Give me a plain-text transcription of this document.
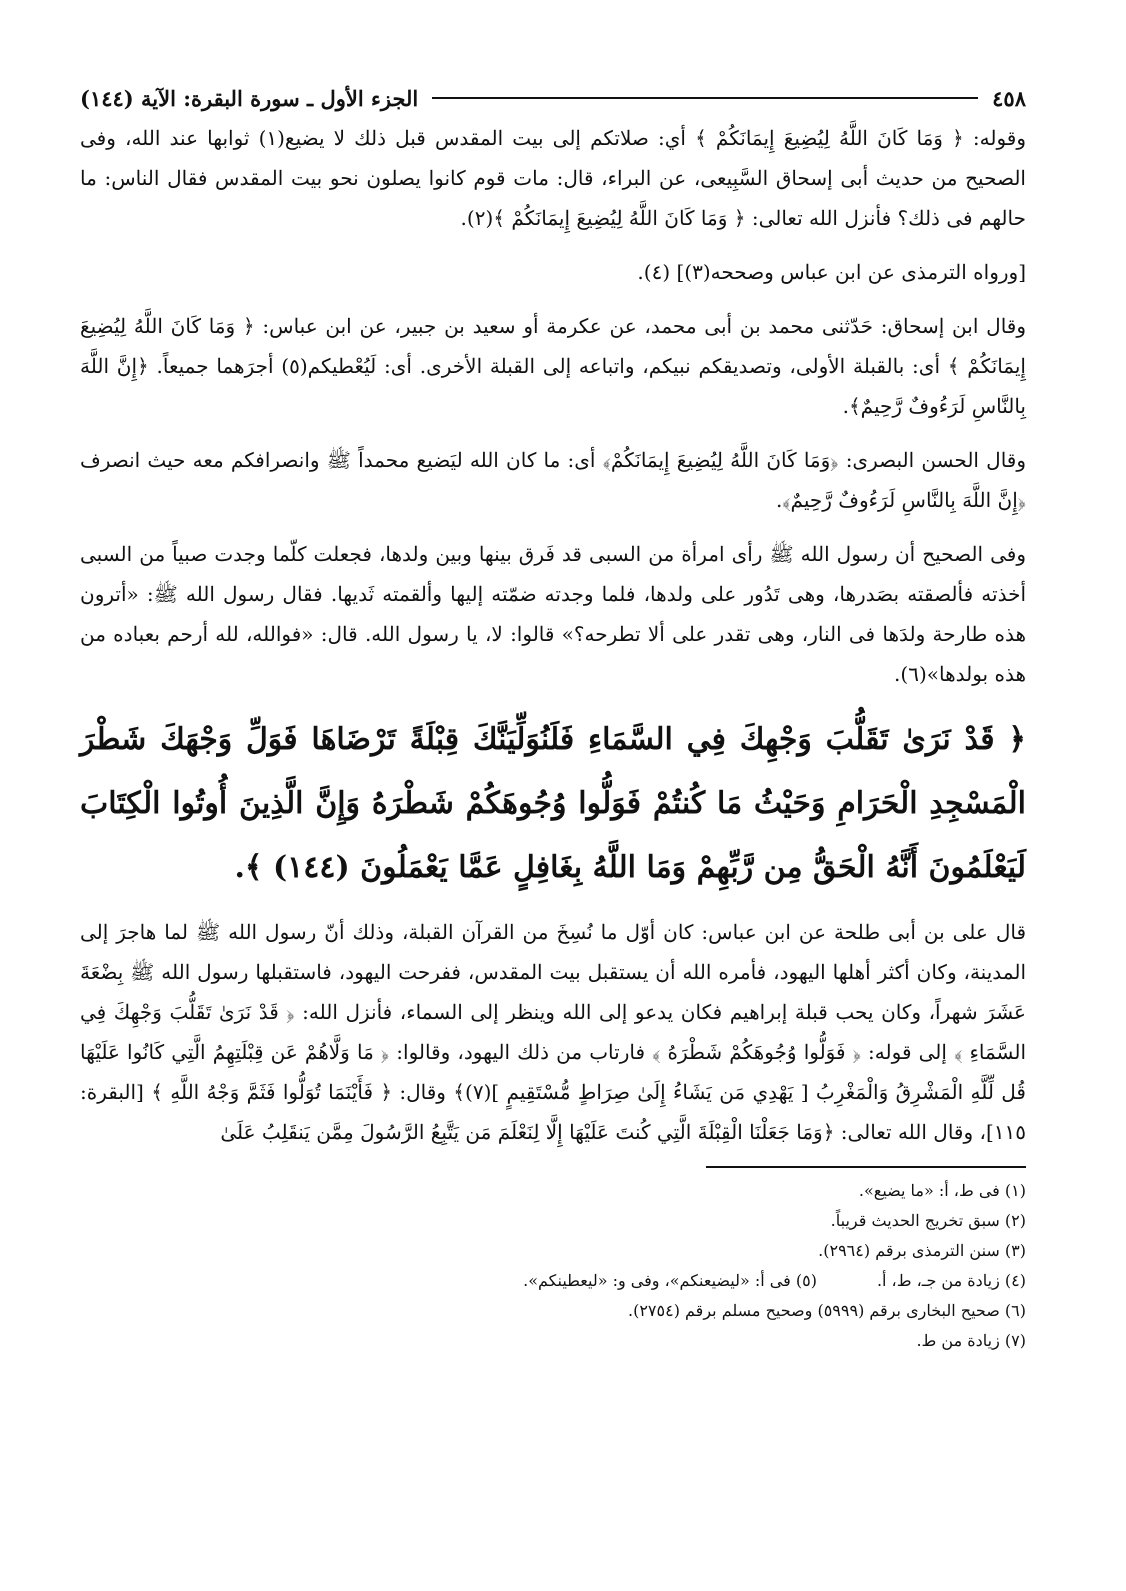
٤٥٨
الجزء الأول ـ سورة البقرة: الآية (١٤٤)

وقوله: ﴿ وَمَا كَانَ اللَّهُ لِيُضِيعَ إِيمَانَكُمْ ﴾ أي: صلاتكم إلى بيت المقدس قبل ذلك لا يضيع(١) ثوابها عند الله، وفى الصحيح من حديث أبى إسحاق السَّبِيعى، عن البراء، قال: مات قوم كانوا يصلون نحو بيت المقدس فقال الناس: ما حالهم فى ذلك؟ فأنزل الله تعالى: ﴿ وَمَا كَانَ اللَّهُ لِيُضِيعَ إِيمَانَكُمْ ﴾(٢).

[ورواه الترمذى عن ابن عباس وصححه(٣)] (٤).

وقال ابن إسحاق: حَدّثنى محمد بن أبى محمد، عن عكرمة أو سعيد بن جبير، عن ابن عباس: ﴿ وَمَا كَانَ اللَّهُ لِيُضِيعَ إِيمَانَكُمْ ﴾ أى: بالقبلة الأولى، وتصديقكم نبيكم، واتباعه إلى القبلة الأخرى. أى: لَيُعْطيكم(٥) أجرَهما جميعاً. ﴿إِنَّ اللَّهَ بِالنَّاسِ لَرَءُوفٌ رَّحِيمٌ﴾.

وقال الحسن البصرى: ﴿وَمَا كَانَ اللَّهُ لِيُضِيعَ إِيمَانَكُمْ﴾ أى: ما كان الله ليَضيع محمداً ﷺ وانصرافكم معه حيث انصرف ﴿إِنَّ اللَّهَ بِالنَّاسِ لَرَءُوفٌ رَّحِيمٌ﴾.

وفى الصحيح أن رسول الله ﷺ رأى امرأة من السبى قد فَرق بينها وبين ولدها، فجعلت كلّما وجدت صبياً من السبى أخذته فألصقته بصَدرها، وهى تَدُور على ولدها، فلما وجدته ضمّته إليها وألقمته ثَديها. فقال رسول الله ﷺ: «أترون هذه طارحة ولدَها فى النار، وهى تقدر على ألا تطرحه؟» قالوا: لا، يا رسول الله. قال: «فوالله، لله أرحم بعباده من هذه بولدها»(٦).

﴿ قَدْ نَرَىٰ تَقَلُّبَ وَجْهِكَ فِي السَّمَاءِ فَلَنُوَلِّيَنَّكَ قِبْلَةً تَرْضَاهَا فَوَلِّ وَجْهَكَ شَطْرَ الْمَسْجِدِ الْحَرَامِ وَحَيْثُ مَا كُنتُمْ فَوَلُّوا وُجُوهَكُمْ شَطْرَهُ وَإِنَّ الَّذِينَ أُوتُوا الْكِتَابَ لَيَعْلَمُونَ أَنَّهُ الْحَقُّ مِن رَّبِّهِمْ وَمَا اللَّهُ بِغَافِلٍ عَمَّا يَعْمَلُونَ (١٤٤) ﴾.

قال على بن أبى طلحة عن ابن عباس: كان أوّل ما نُسِخَ من القرآن القبلة، وذلك أنّ رسول الله ﷺ لما هاجرَ إلى المدينة، وكان أكثر أهلها اليهود، فأمره الله أن يستقبل بيت المقدس، ففرحت اليهود، فاستقبلها رسول الله ﷺ بِضْعَةَ عَشَرَ شهراً، وكان يحب قبلة إبراهيم فكان يدعو إلى الله وينظر إلى السماء، فأنزل الله: ﴿ قَدْ نَرَىٰ تَقَلُّبَ وَجْهِكَ فِي السَّمَاءِ ﴾ إلى قوله: ﴿ فَوَلُّوا وُجُوهَكُمْ شَطْرَهُ ﴾ فارتاب من ذلك اليهود، وقالوا: ﴿ مَا وَلَّاهُمْ عَن قِبْلَتِهِمُ الَّتِي كَانُوا عَلَيْهَا قُل لِّلَّهِ الْمَشْرِقُ وَالْمَغْرِبُ [ يَهْدِي مَن يَشَاءُ إِلَىٰ صِرَاطٍ مُّسْتَقِيمٍ ](٧)﴾ وقال: ﴿ فَأَيْنَمَا تُوَلُّوا فَثَمَّ وَجْهُ اللَّهِ ﴾ [البقرة: ١١٥]، وقال الله تعالى: ﴿وَمَا جَعَلْنَا الْقِبْلَةَ الَّتِي كُنتَ عَلَيْهَا إِلَّا لِنَعْلَمَ مَن يَتَّبِعُ الرَّسُولَ مِمَّن يَنقَلِبُ عَلَىٰ

(١) فى ط، أ: «ما يضيع».

(٢) سبق تخريج الحديث قريباً.

(٣) سنن الترمذى برقم (٢٩٦٤).

(٤) زيادة من جـ، ط، أ.

(٥) فى أ: «ليضيعنكم»، وفى و: «ليعطينكم».

(٦) صحيح البخارى برقم (٥٩٩٩) وصحيح مسلم برقم (٢٧٥٤).

(٧) زيادة من ط.
